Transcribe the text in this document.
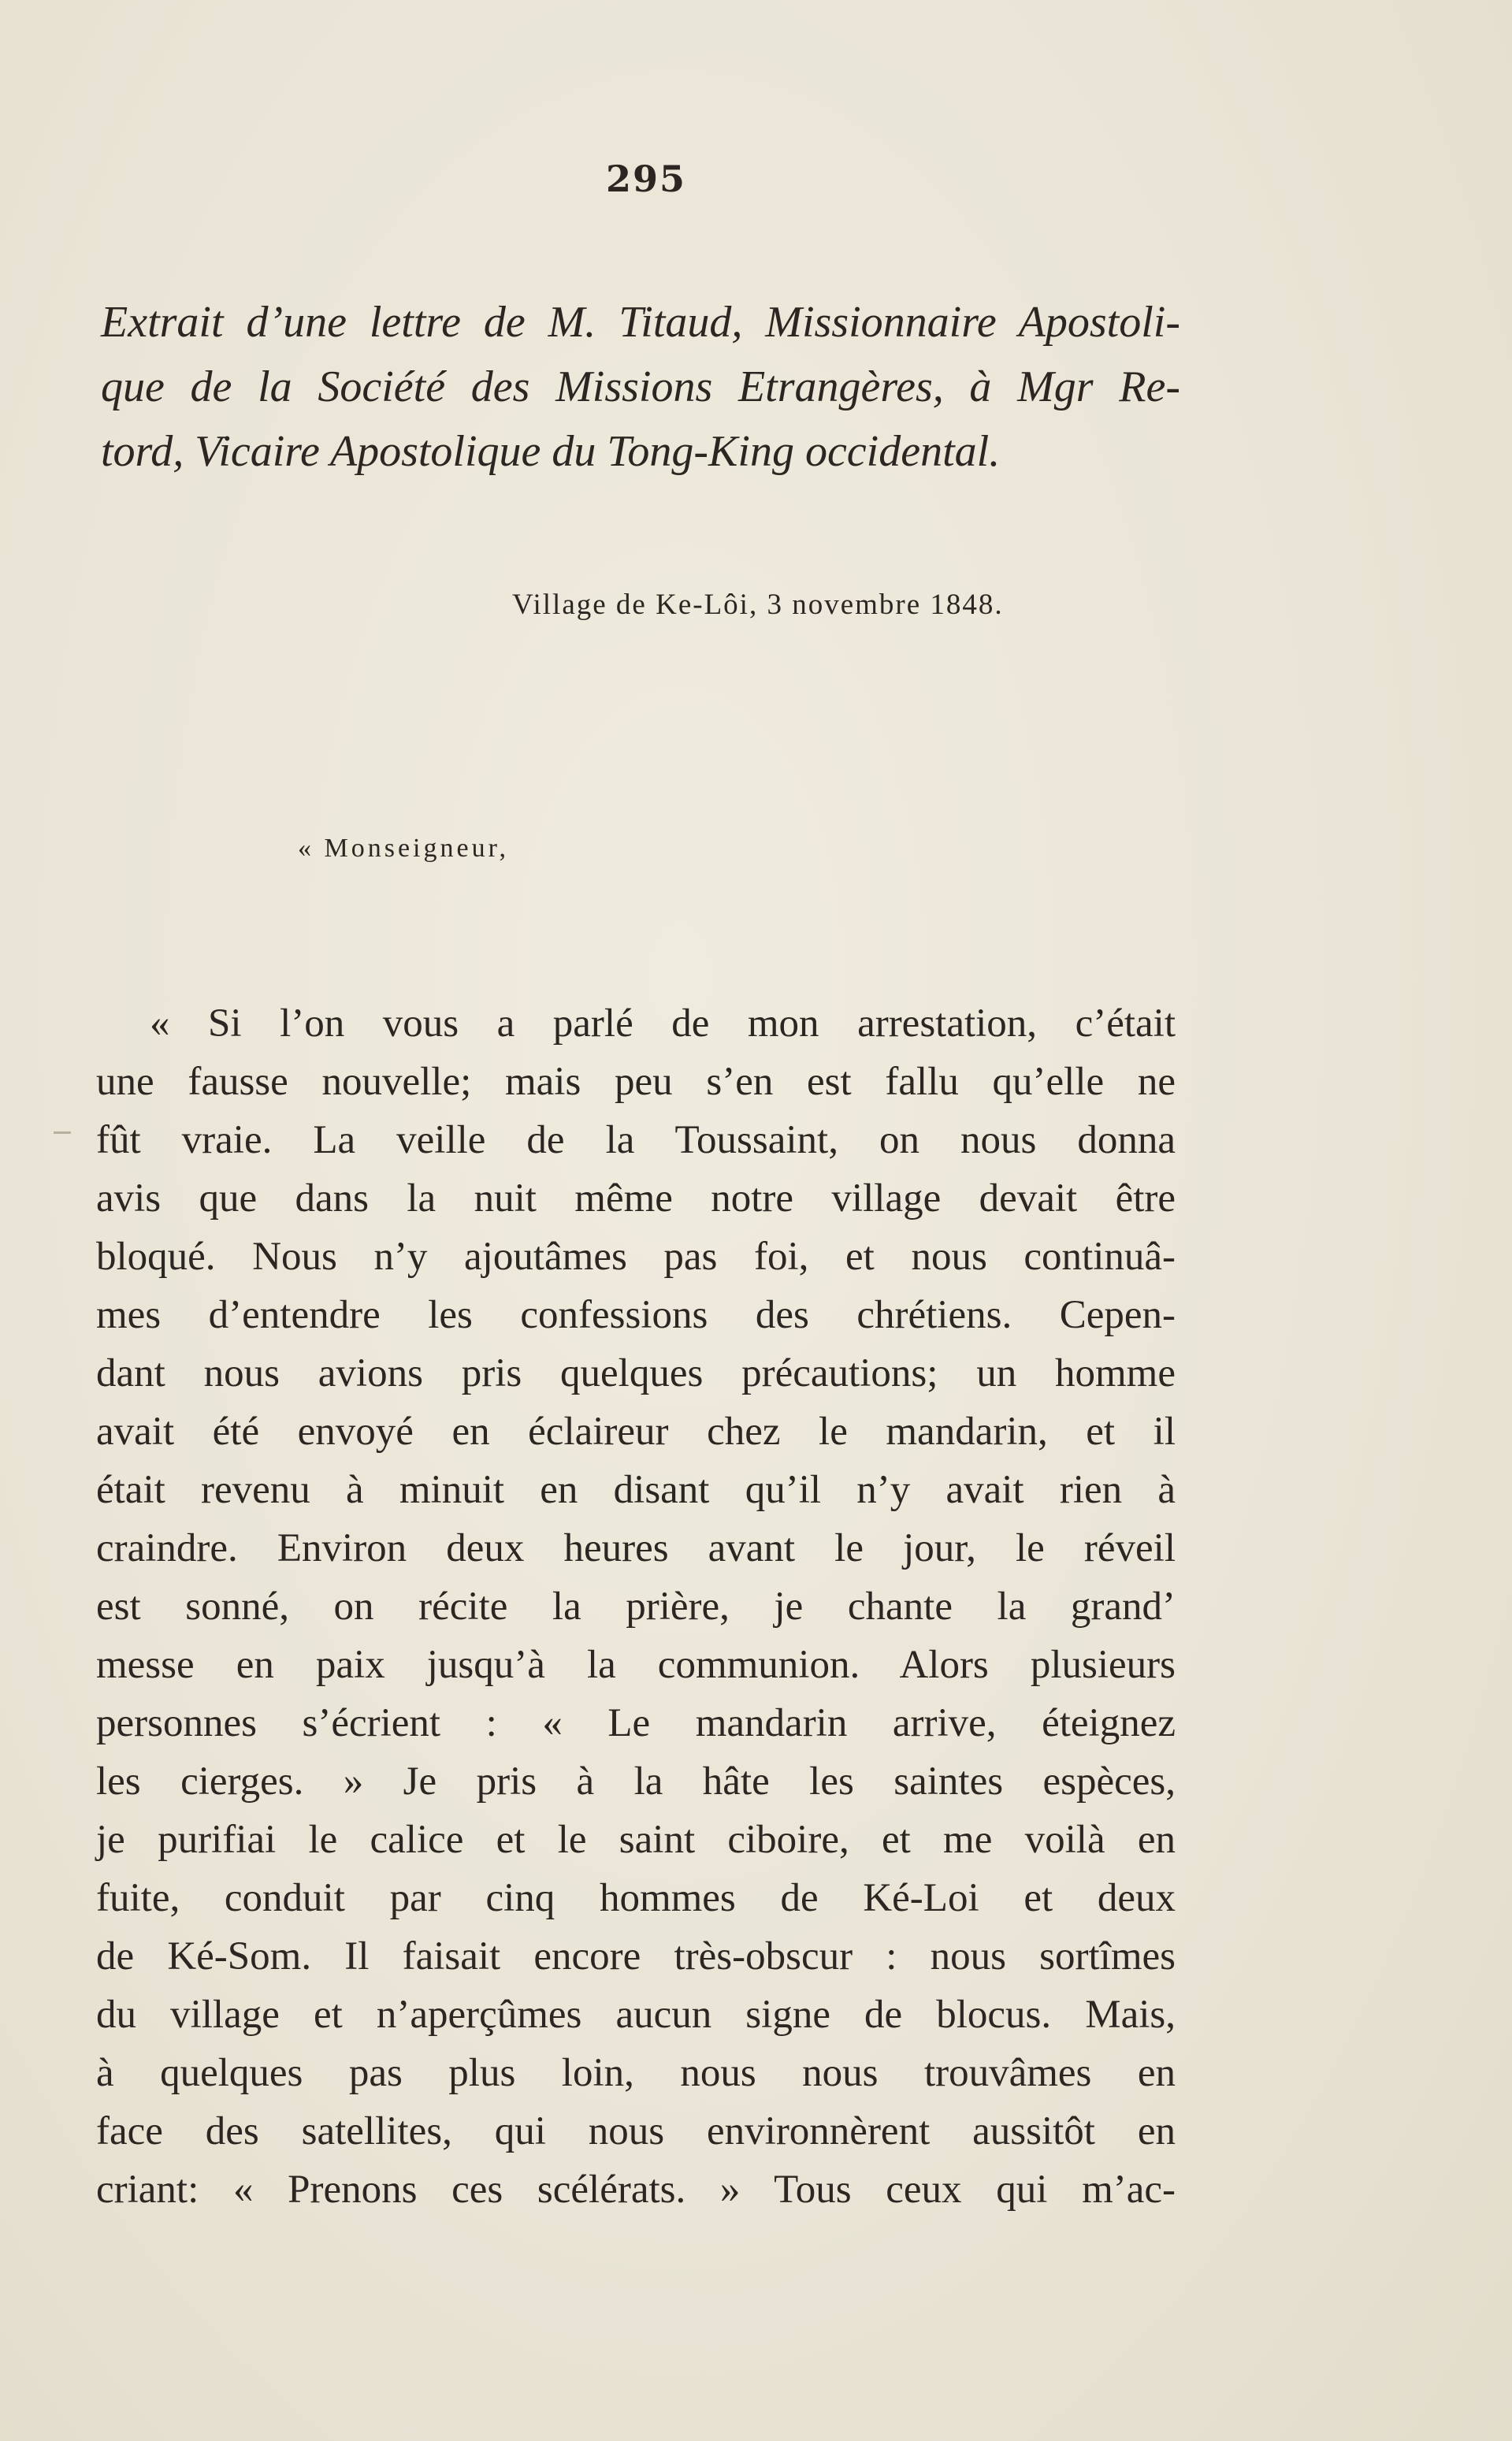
295
Extrait d’une lettre de M. Titaud, Missionnaire Apostoli-
que de la Société des Missions Etrangères, à Mgr Re-
tord, Vicaire Apostolique du Tong-King occidental.
Village de Ke-Lôi, 3 novembre 1848.
« Monseigneur,
« Si l’on vous a parlé de mon arrestation, c’était
une fausse nouvelle; mais peu s’en est fallu qu’elle ne
fût vraie. La veille de la Toussaint, on nous donna
avis que dans la nuit même notre village devait être
bloqué. Nous n’y ajoutâmes pas foi, et nous continuâ-
mes d’entendre les confessions des chrétiens. Cepen-
dant nous avions pris quelques précautions; un homme
avait été envoyé en éclaireur chez le mandarin, et il
était revenu à minuit en disant qu’il n’y avait rien à
craindre. Environ deux heures avant le jour, le réveil
est sonné, on récite la prière, je chante la grand’
messe en paix jusqu’à la communion. Alors plusieurs
personnes s’écrient : « Le mandarin arrive, éteignez
les cierges. » Je pris à la hâte les saintes espèces,
je purifiai le calice et le saint ciboire, et me voilà en
fuite, conduit par cinq hommes de Ké-Loi et deux
de Ké-Som. Il faisait encore très-obscur : nous sortîmes
du village et n’aperçûmes aucun signe de blocus. Mais,
à quelques pas plus loin, nous nous trouvâmes en
face des satellites, qui nous environnèrent aussitôt en
criant: « Prenons ces scélérats. » Tous ceux qui m’ac-
